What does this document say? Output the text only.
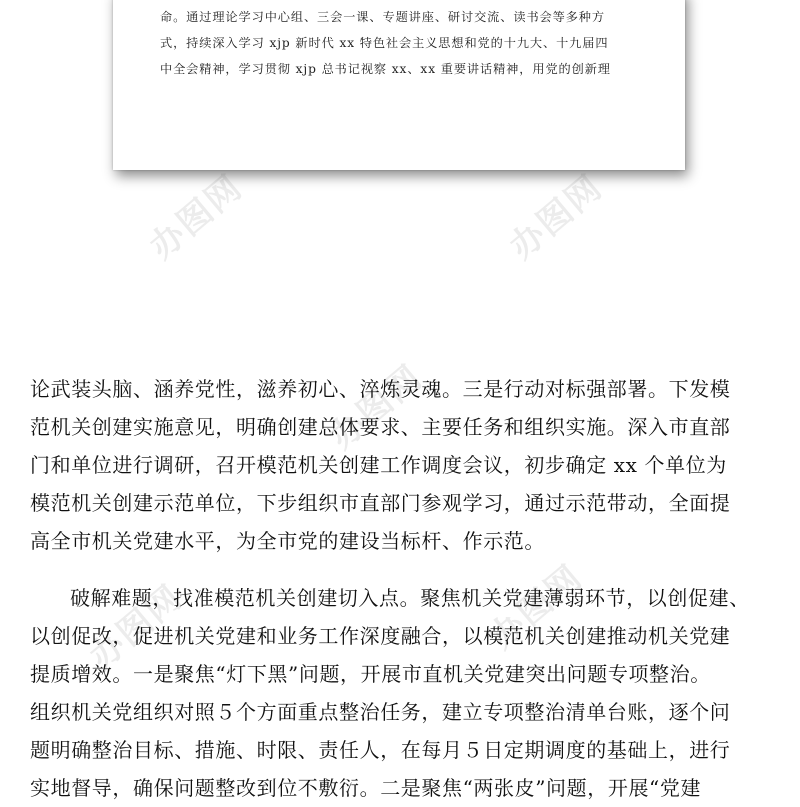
办图网	办图网
办图网
办图网	办图网
命。通过理论学习中心组、三会一课、专题讲座、研讨交流、读书会等多种方
式，持续深入学习 xjp 新时代 xx 特色社会主义思想和党的十九大、十九届四
中全会精神，学习贯彻 xjp 总书记视察 xx、xx 重要讲话精神，用党的创新理
论武装头脑、涵养党性，滋养初心、淬炼灵魂。三是行动对标强部署。下发模
范机关创建实施意见，明确创建总体要求、主要任务和组织实施。深入市直部
门和单位进行调研，召开模范机关创建工作调度会议，初步确定 xx 个单位为
模范机关创建示范单位，下步组织市直部门参观学习，通过示范带动，全面提
高全市机关党建水平，为全市党的建设当标杆、作示范。
破解难题，找准模范机关创建切入点。聚焦机关党建薄弱环节，以创促建、
以创促改，促进机关党建和业务工作深度融合，以模范机关创建推动机关党建
提质增效。一是聚焦“灯下黑”问题，开展市直机关党建突出问题专项整治。
组织机关党组织对照５个方面重点整治任务，建立专项整治清单台账，逐个问
题明确整治目标、措施、时限、责任人，在每月５日定期调度的基础上，进行
实地督导，确保问题整改到位不敷衍。二是聚焦“两张皮”问题，开展“党建
